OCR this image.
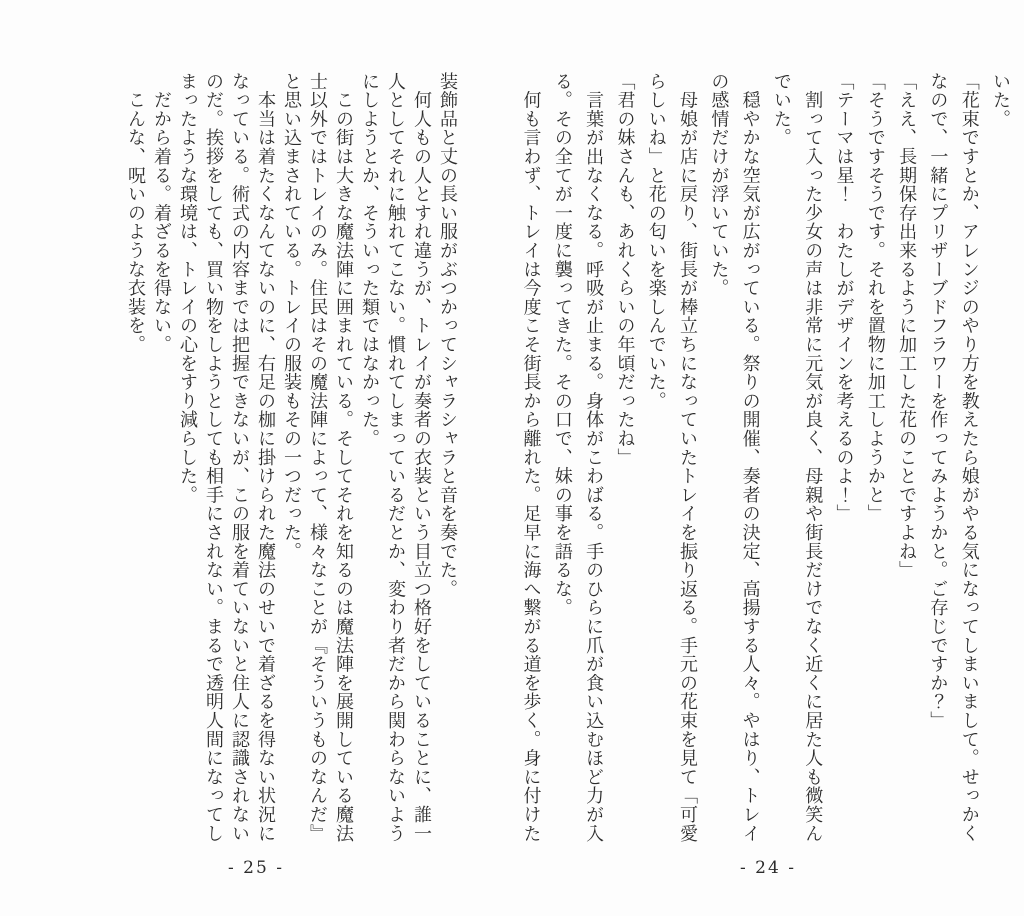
いた。

「花束ですとか、アレンジのやり方を教えたら娘がやる気になってしまいまして。せっかく

なので、一緒にプリザーブドフラワーを作ってみようかと。ご存じですか？」

「ええ、長期保存出来るように加工した花のことですよね」

「そうですそうです。それを置物に加工しようかと」

「テーマは星！　わたしがデザインを考えるのよ！」

　割って入った少女の声は非常に元気が良く、母親や街長だけでなく近くに居た人も微笑ん

でいた。

　穏やかな空気が広がっている。祭りの開催、奏者の決定、高揚する人々。やはり、トレイ

の感情だけが浮いていた。

　母娘が店に戻り、街長が棒立ちになっていたトレイを振り返る。手元の花束を見て「可愛

らしいね」と花の匂いを楽しんでいた。

「君の妹さんも、あれくらいの年頃だったね」

　言葉が出なくなる。呼吸が止まる。身体がこわばる。手のひらに爪が食い込むほど力が入

る。その全てが一度に襲ってきた。その口で、妹の事を語るな。

　何も言わず、トレイは今度こそ街長から離れた。足早に海へ繋がる道を歩く。身に付けた

- 24 -

装飾品と丈の長い服がぶつかってシャラシャラと音を奏でた。

　何人もの人とすれ違うが、トレイが奏者の衣装という目立つ格好をしていることに、誰一

人としてそれに触れてこない。慣れてしまっているだとか、変わり者だから関わらないよう

にしようとか、そういった類ではなかった。

　この街は大きな魔法陣に囲まれている。そしてそれを知るのは魔法陣を展開している魔法

士以外ではトレイのみ。住民はその魔法陣によって、様々なことが『そういうものなんだ』

と思い込まされている。トレイの服装もその一つだった。

　本当は着たくなんてないのに、右足の枷に掛けられた魔法のせいで着ざるを得ない状況に

なっている。術式の内容までは把握できないが、この服を着ていないと住人に認識されない

のだ。挨拶をしても、買い物をしようとしても相手にされない。まるで透明人間になってし

まったような環境は、トレイの心をすり減らした。

　だから着る。着ざるを得ない。

　こんな、呪いのような衣装を。

- 25 -
